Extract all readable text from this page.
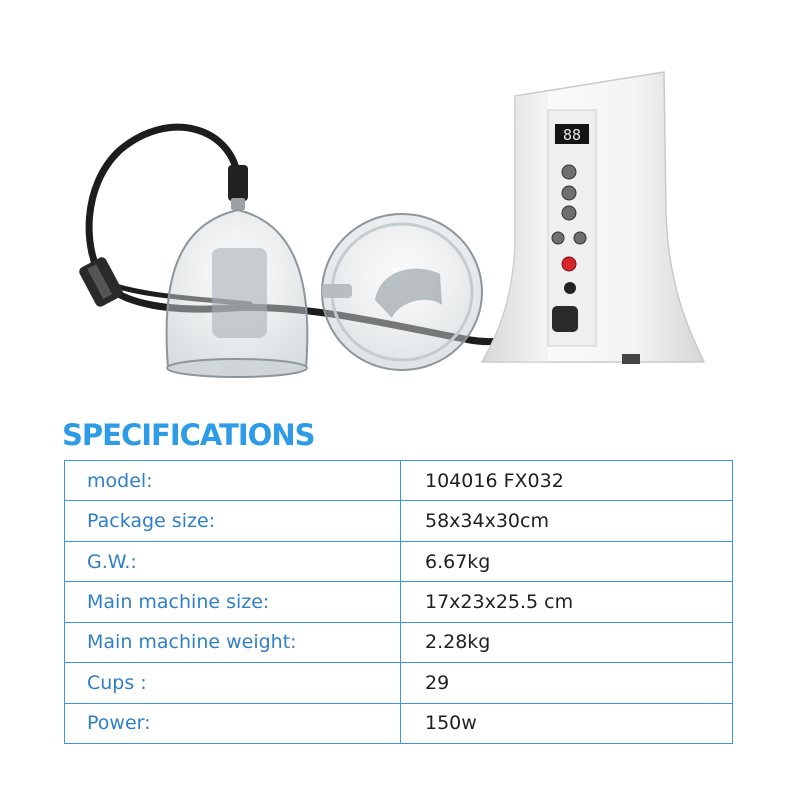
88
SPECIFICATIONS
model:	104016 FX032
Package size:	58x34x30cm
G.W.:	6.67kg
Main machine size:	17x23x25.5 cm
Main machine weight:	2.28kg
Cups :	29
Power:	150w
